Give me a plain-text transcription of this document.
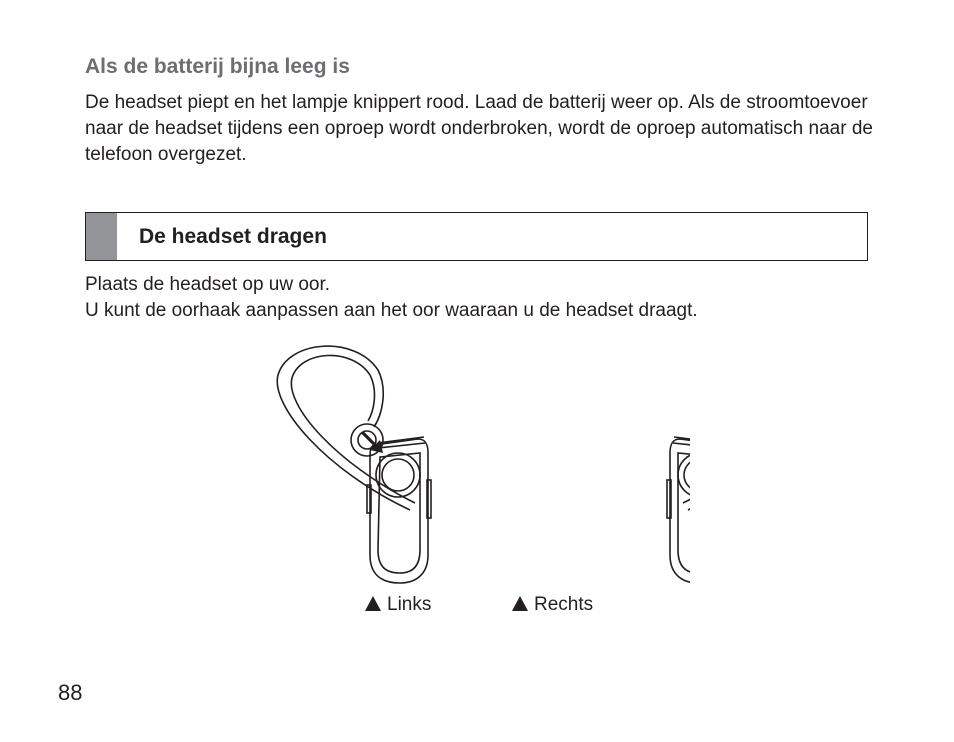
Als de batterij bijna leeg is

De headset piept en het lampje knippert rood. Laad de batterij weer op. Als de stroomtoevoer naar de headset tijdens een oproep wordt onderbroken, wordt de oproep automatisch naar de telefoon overgezet.

De headset dragen

Plaats de headset op uw oor.
U kunt de oorhaak aanpassen aan het oor waaraan u de headset draagt.

Links	Rechts
88
